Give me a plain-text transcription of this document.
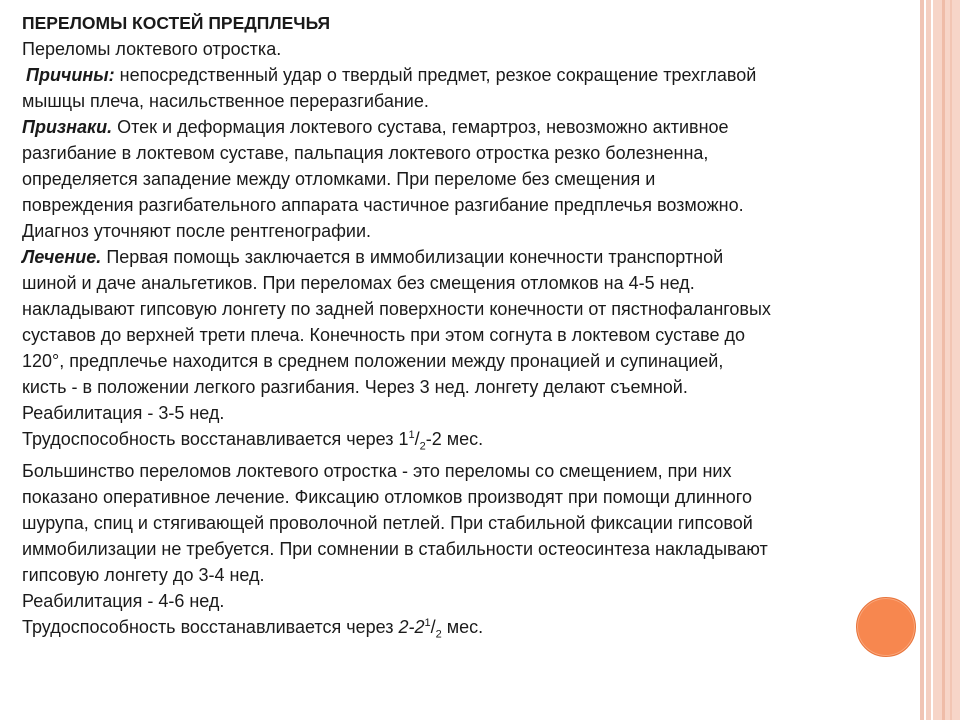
ПЕРЕЛОМЫ КОСТЕЙ ПРЕДПЛЕЧЬЯ
Переломы локтевого отростка.
Причины: непосредственный удар о твердый предмет, резкое сокращение трехглавой
мышцы плеча, насильственное переразгибание.
Признаки. Отек и деформация локтевого сустава, гемартроз, невозможно активное
разгибание в локтевом суставе, пальпация локтевого отростка резко болезненна,
определяется западение между отломками. При переломе без смещения и
повреждения разгибательного аппарата частичное разгибание предплечья возможно.
Диагноз уточняют после рентгенографии.
Лечение. Первая помощь заключается в иммобилизации конечности транспортной
шиной и даче анальгетиков. При переломах без смещения отломков на 4-5 нед.
накладывают гипсовую лонгету по задней поверхности конечности от пястнофаланговых
суставов до верхней трети плеча. Конечность при этом согнута в локтевом суставе до
120°, предплечье находится в среднем положении между пронацией и супинацией,
кисть - в положении легкого разгибания. Через 3 нед. лонгету делают съемной.
Реабилитация - 3-5 нед.
Трудоспособность восстанавливается через $1^1/_2-2$ мес.
Большинство переломов локтевого отростка - это переломы со смещением, при них
показано оперативное лечение. Фиксацию отломков производят при помощи длинного
шурупа, спиц и стягивающей проволочной петлей. При стабильной фиксации гипсовой
иммобилизации не требуется. При сомнении в стабильности остеосинтеза накладывают
гипсовую лонгету до 3-4 нед.
Реабилитация - 4-6 нед.
Трудоспособность восстанавливается через $2-2^1/_2$ мес.
